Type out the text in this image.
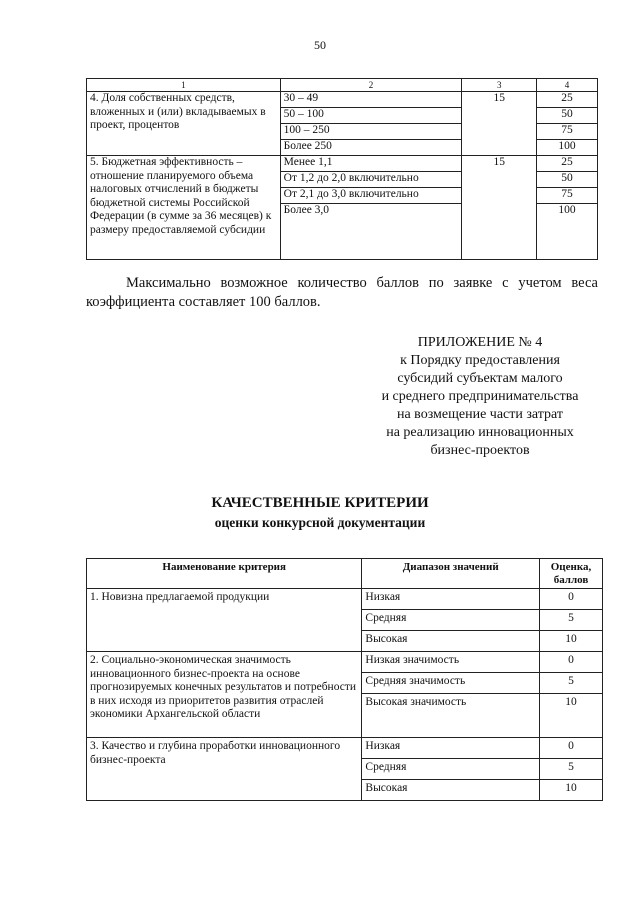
50
1	2	3	4
4. Доля собственных средств, вложенных и (или) вкладываемых в проект, процентов	30 – 49	15	25
	50 – 100		50
	100 – 250		75
	Более 250		100
5. Бюджетная эффективность – отношение планируемого объема налоговых отчислений в бюджеты бюджетной системы Российской Федерации (в сумме за 36 месяцев) к размеру предоставляемой субсидии	Менее 1,1	15	25
	От 1,2 до 2,0 включительно		50
	От 2,1 до 3,0 включительно		75
	Более 3,0		100
Максимально возможное количество баллов по заявке с учетом веса коэффициента составляет 100 баллов.
ПРИЛОЖЕНИЕ № 4
к Порядку предоставления
субсидий субъектам малого
и среднего предпринимательства
на возмещение части затрат
на реализацию инновационных
бизнес-проектов
КАЧЕСТВЕННЫЕ КРИТЕРИИ
оценки конкурсной документации
Наименование критерия	Диапазон значений	Оценка, баллов
1. Новизна предлагаемой продукции	Низкая	0
	Средняя	5
	Высокая	10
2. Социально-экономическая значимость инновационного бизнес-проекта на основе прогнозируемых конечных результатов и потребности в них исходя из приоритетов развития отраслей экономики Архангельской области	Низкая значимость	0
	Средняя значимость	5
	Высокая значимость	10
3. Качество и глубина проработки инновационного бизнес-проекта	Низкая	0
	Средняя	5
	Высокая	10
